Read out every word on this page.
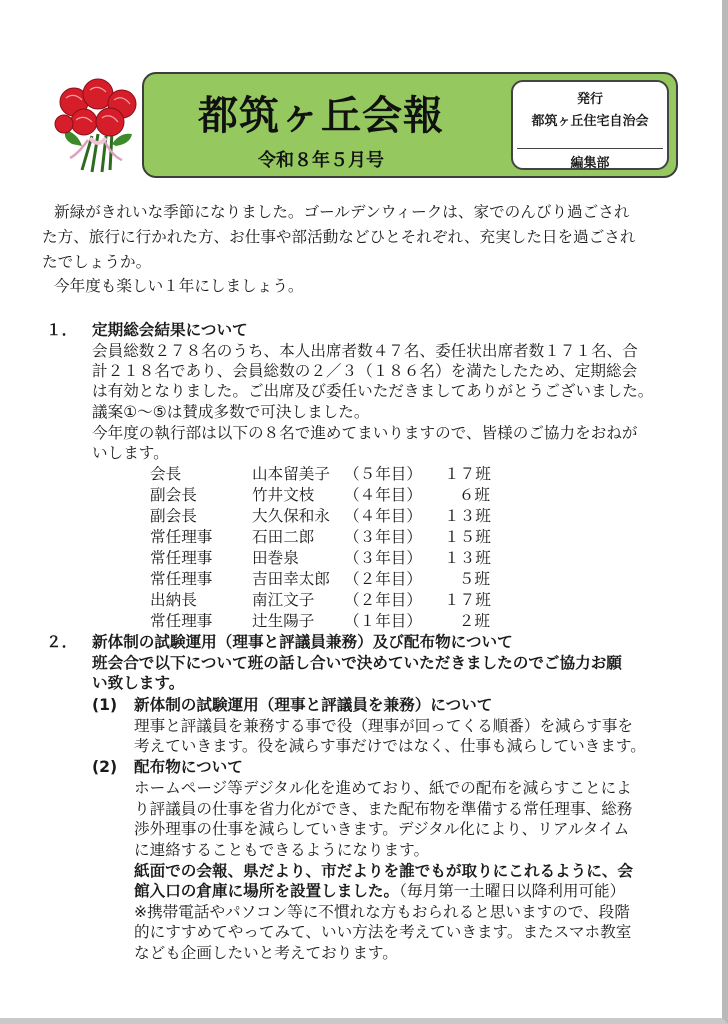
都筑ヶ丘会報
令和８年５月号
発行
都筑ヶ丘住宅自治会
編集部
新緑がきれいな季節になりました。ゴールデンウィークは、家でのんびり過ごされ
た方、旅行に行かれた方、お仕事や部活動などひとそれぞれ、充実した日を過ごされ
たでしょうか。
今年度も楽しい１年にしましょう。
１． 定期総会結果について
会員総数２７８名のうち、本人出席者数４７名、委任状出席者数１７１名、合
計２１８名であり、会員総数の２／３（１８６名）を満たしたため、定期総会
は有効となりました。ご出席及び委任いただきましてありがとうございました。
議案①～⑤は賛成多数で可決しました。
今年度の執行部は以下の８名で進めてまいりますので、皆様のご協力をおねが
いします。
会長	山本留美子 （５年目） １７班
副会長	竹井文枝 （４年目）	６班
副会長	大久保和永 （４年目） １３班
常任理事	石田二郎 （３年目） １５班
常任理事	田巻泉	（３年目） １３班
常任理事	吉田幸太郎 （２年目）	５班
出納長	南江文子 （２年目） １７班
常任理事	辻生陽子 （１年目）	２班
２． 新体制の試験運用（理事と評議員兼務）及び配布物について
班会合で以下について班の話し合いで決めていただきましたのでご協力お願
い致します。
(1) 新体制の試験運用（理事と評議員を兼務）について
理事と評議員を兼務する事で役（理事が回ってくる順番）を減らす事を
考えていきます。役を減らす事だけではなく、仕事も減らしていきます。
(2) 配布物について
ホームページ等デジタル化を進めており、紙での配布を減らすことによ
り評議員の仕事を省力化ができ、また配布物を準備する常任理事、総務
渉外理事の仕事を減らしていきます。デジタル化により、リアルタイム
に連絡することもできるようになります。
紙面での会報、県だより、市だよりを誰でもが取りにこれるように、会
館入口の倉庫に場所を設置しました。（毎月第一土曜日以降利用可能）
※携帯電話やパソコン等に不慣れな方もおられると思いますので、段階
的にすすめてやってみて、いい方法を考えていきます。またスマホ教室
なども企画したいと考えております。
